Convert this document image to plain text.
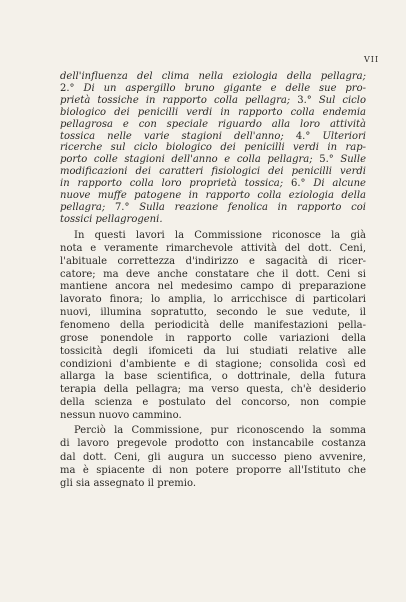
VII
dell'influenza del clima nella eziologia della pellagra;
2.° Di un aspergillo bruno gigante e delle sue pro-
prietà tossiche in rapporto colla pellagra; 3.° Sul ciclo
biologico dei penicilli verdi in rapporto colla endemia
pellagrosa e con speciale riguardo alla loro attività
tossica nelle varie stagioni dell'anno; 4.° Ulteriori
ricerche sul ciclo biologico dei penicilli verdi in rap-
porto colle stagioni dell'anno e colla pellagra; 5.° Sulle
modificazioni dei caratteri fisiologici dei penicilli verdi
in rapporto colla loro proprietà tossica; 6.° Di alcune
nuove muffe patogene in rapporto colla eziologia della
pellagra; 7.° Sulla reazione fenolica in rapporto coi
tossici pellagrogeni.
In questi lavori la Commissione riconosce la già
nota e veramente rimarchevole attività del dott. Ceni,
l'abituale correttezza d'indirizzo e sagacità di ricer-
catore; ma deve anche constatare che il dott. Ceni si
mantiene ancora nel medesimo campo di preparazione
lavorato finora; lo amplia, lo arricchisce di particolari
nuovi, illumina sopratutto, secondo le sue vedute, il
fenomeno della periodicità delle manifestazioni pella-
grose ponendole in rapporto colle variazioni della
tossicità degli ifomiceti da lui studiati relative alle
condizioni d'ambiente e di stagione; consolida così ed
allarga la base scientifica, o dottrinale, della futura
terapia della pellagra; ma verso questa, ch'è desiderio
della scienza e postulato del concorso, non compie
nessun nuovo cammino.
Perciò la Commissione, pur riconoscendo la somma
di lavoro pregevole prodotto con instancabile costanza
dal dott. Ceni, gli augura un successo pieno avvenire,
ma è spiacente di non potere proporre all'Istituto che
gli sia assegnato il premio.
